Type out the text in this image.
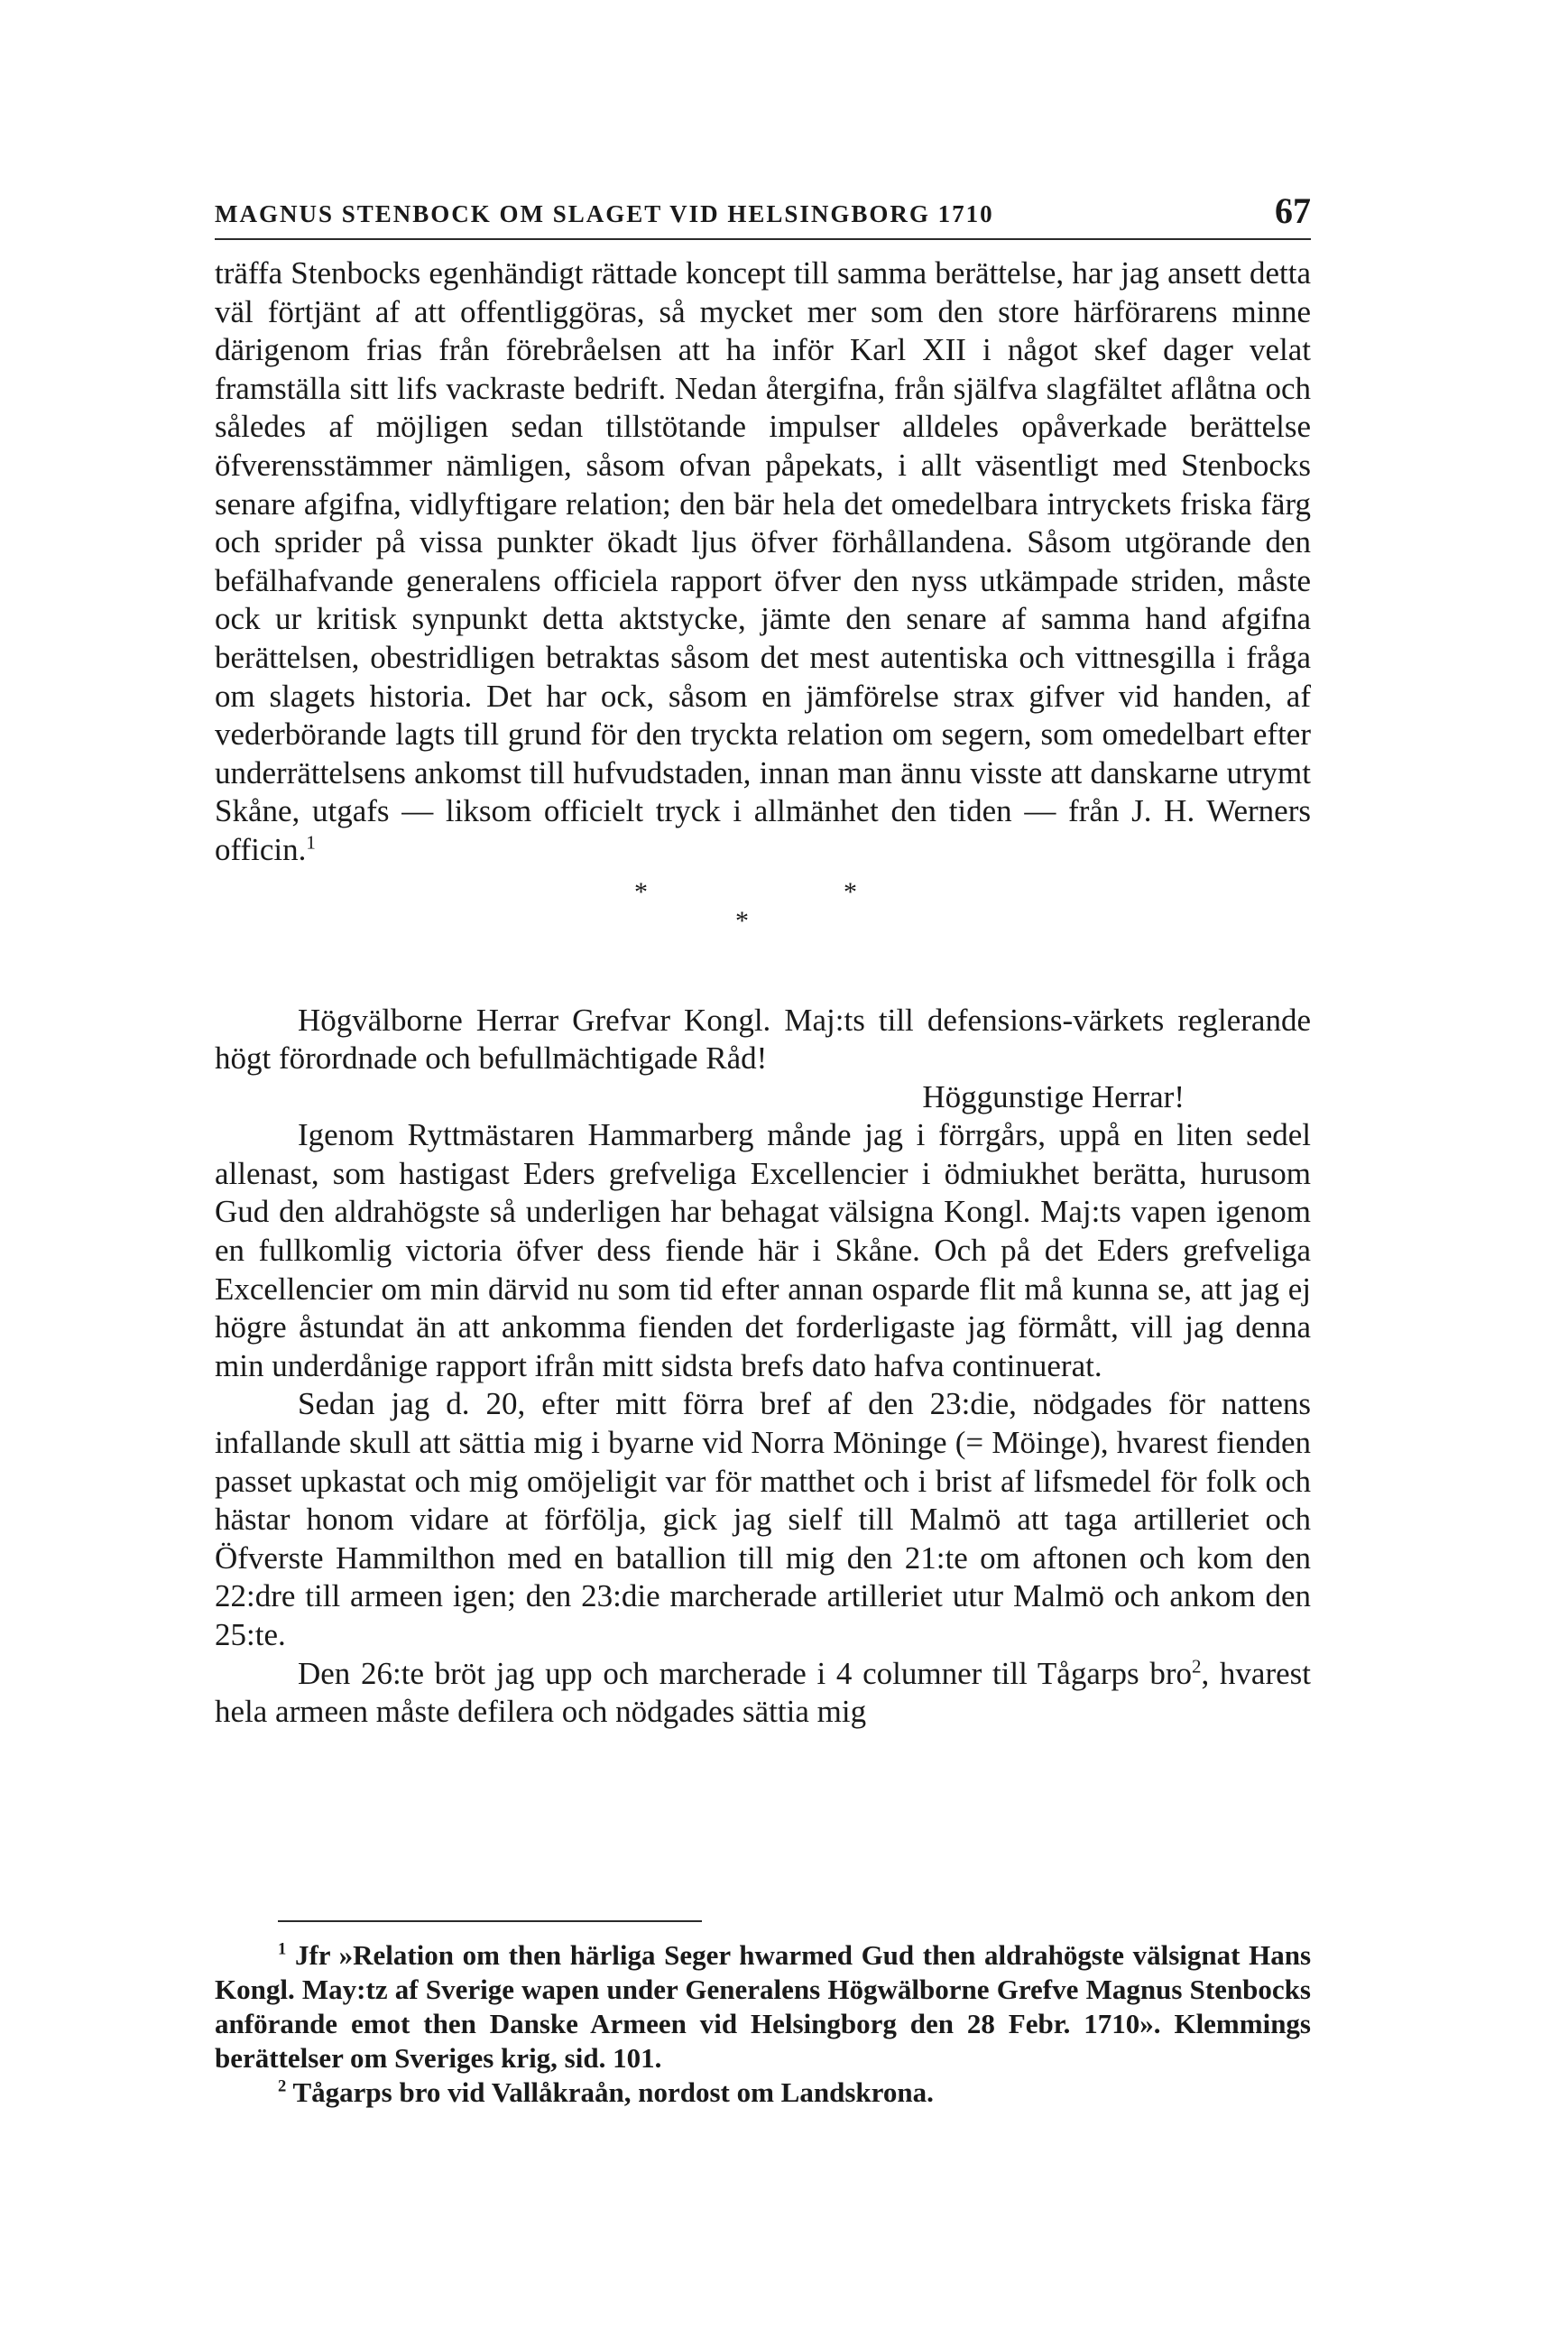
MAGNUS STENBOCK OM SLAGET VID HELSINGBORG 1710	67

träffa Stenbocks egenhändigt rättade koncept till samma berättelse, har jag ansett detta väl förtjänt af att offentliggöras, så mycket mer som den store härförarens minne därigenom frias från förebråelsen att ha inför Karl XII i något skef dager velat framställa sitt lifs vackraste bedrift. Nedan återgifna, från själfva slagfältet aflåtna och således af möjligen sedan tillstötande impulser alldeles opåverkade berättelse öfverensstämmer nämligen, såsom ofvan påpekats, i allt väsentligt med Stenbocks senare afgifna, vidlyftigare relation; den bär hela det omedelbara intryckets friska färg och sprider på vissa punkter ökadt ljus öfver förhållandena. Såsom utgörande den befälhafvande generalens officiela rapport öfver den nyss utkämpade striden, måste ock ur kritisk synpunkt detta aktstycke, jämte den senare af samma hand afgifna berättelsen, obestridligen betraktas såsom det mest autentiska och vittnesgilla i fråga om slagets historia. Det har ock, såsom en jämförelse strax gifver vid handen, af vederbörande lagts till grund för den tryckta relation om segern, som omedelbart efter underrättelsens ankomst till hufvudstaden, innan man ännu visste att danskarne utrymt Skåne, utgafs — liksom officielt tryck i allmänhet den tiden — från J. H. Werners officin.$^1$

*	*
*

Högvälborne Herrar Grefvar Kongl. Maj:ts till defensions-värkets reglerande högt förordnade och befullmächtigade Råd!

Höggunstige Herrar!

Igenom Ryttmästaren Hammarberg månde jag i förrgårs, uppå en liten sedel allenast, som hastigast Eders grefveliga Excellencier i ödmiukhet berätta, hurusom Gud den aldrahögste så underligen har behagat välsigna Kongl. Maj:ts vapen igenom en fullkomlig victoria öfver dess fiende här i Skåne. Och på det Eders grefveliga Excellencier om min därvid nu som tid efter annan osparde flit må kunna se, att jag ej högre åstundat än att ankomma fienden det forderligaste jag förmått, vill jag denna min underdånige rapport ifrån mitt sidsta brefs dato hafva continuerat.

Sedan jag d. 20, efter mitt förra bref af den 23:die, nödgades för nattens infallande skull att sättia mig i byarne vid Norra Möninge (= Möinge), hvarest fienden passet upkastat och mig omöjeligit var för matthet och i brist af lifsmedel för folk och hästar honom vidare at förfölja, gick jag sielf till Malmö att taga artilleriet och Öfverste Hammilthon med en batallion till mig den 21:te om aftonen och kom den 22:dre till armeen igen; den 23:die marcherade artilleriet utur Malmö och ankom den 25:te.

Den 26:te bröt jag upp och marcherade i 4 columner till Tågarps bro$^2$, hvarest hela armeen måste defilera och nödgades sättia mig

$^1$ Jfr »Relation om then härliga Seger hwarmed Gud then aldrahögste välsignat Hans Kongl. May:tz af Sverige wapen under Generalens Högwälborne Grefve Magnus Stenbocks anförande emot then Danske Armeen vid Helsingborg den 28 Febr. 1710». Klemmings berättelser om Sveriges krig, sid. 101.

$^2$ Tågarps bro vid Vallåkraån, nordost om Landskrona.
